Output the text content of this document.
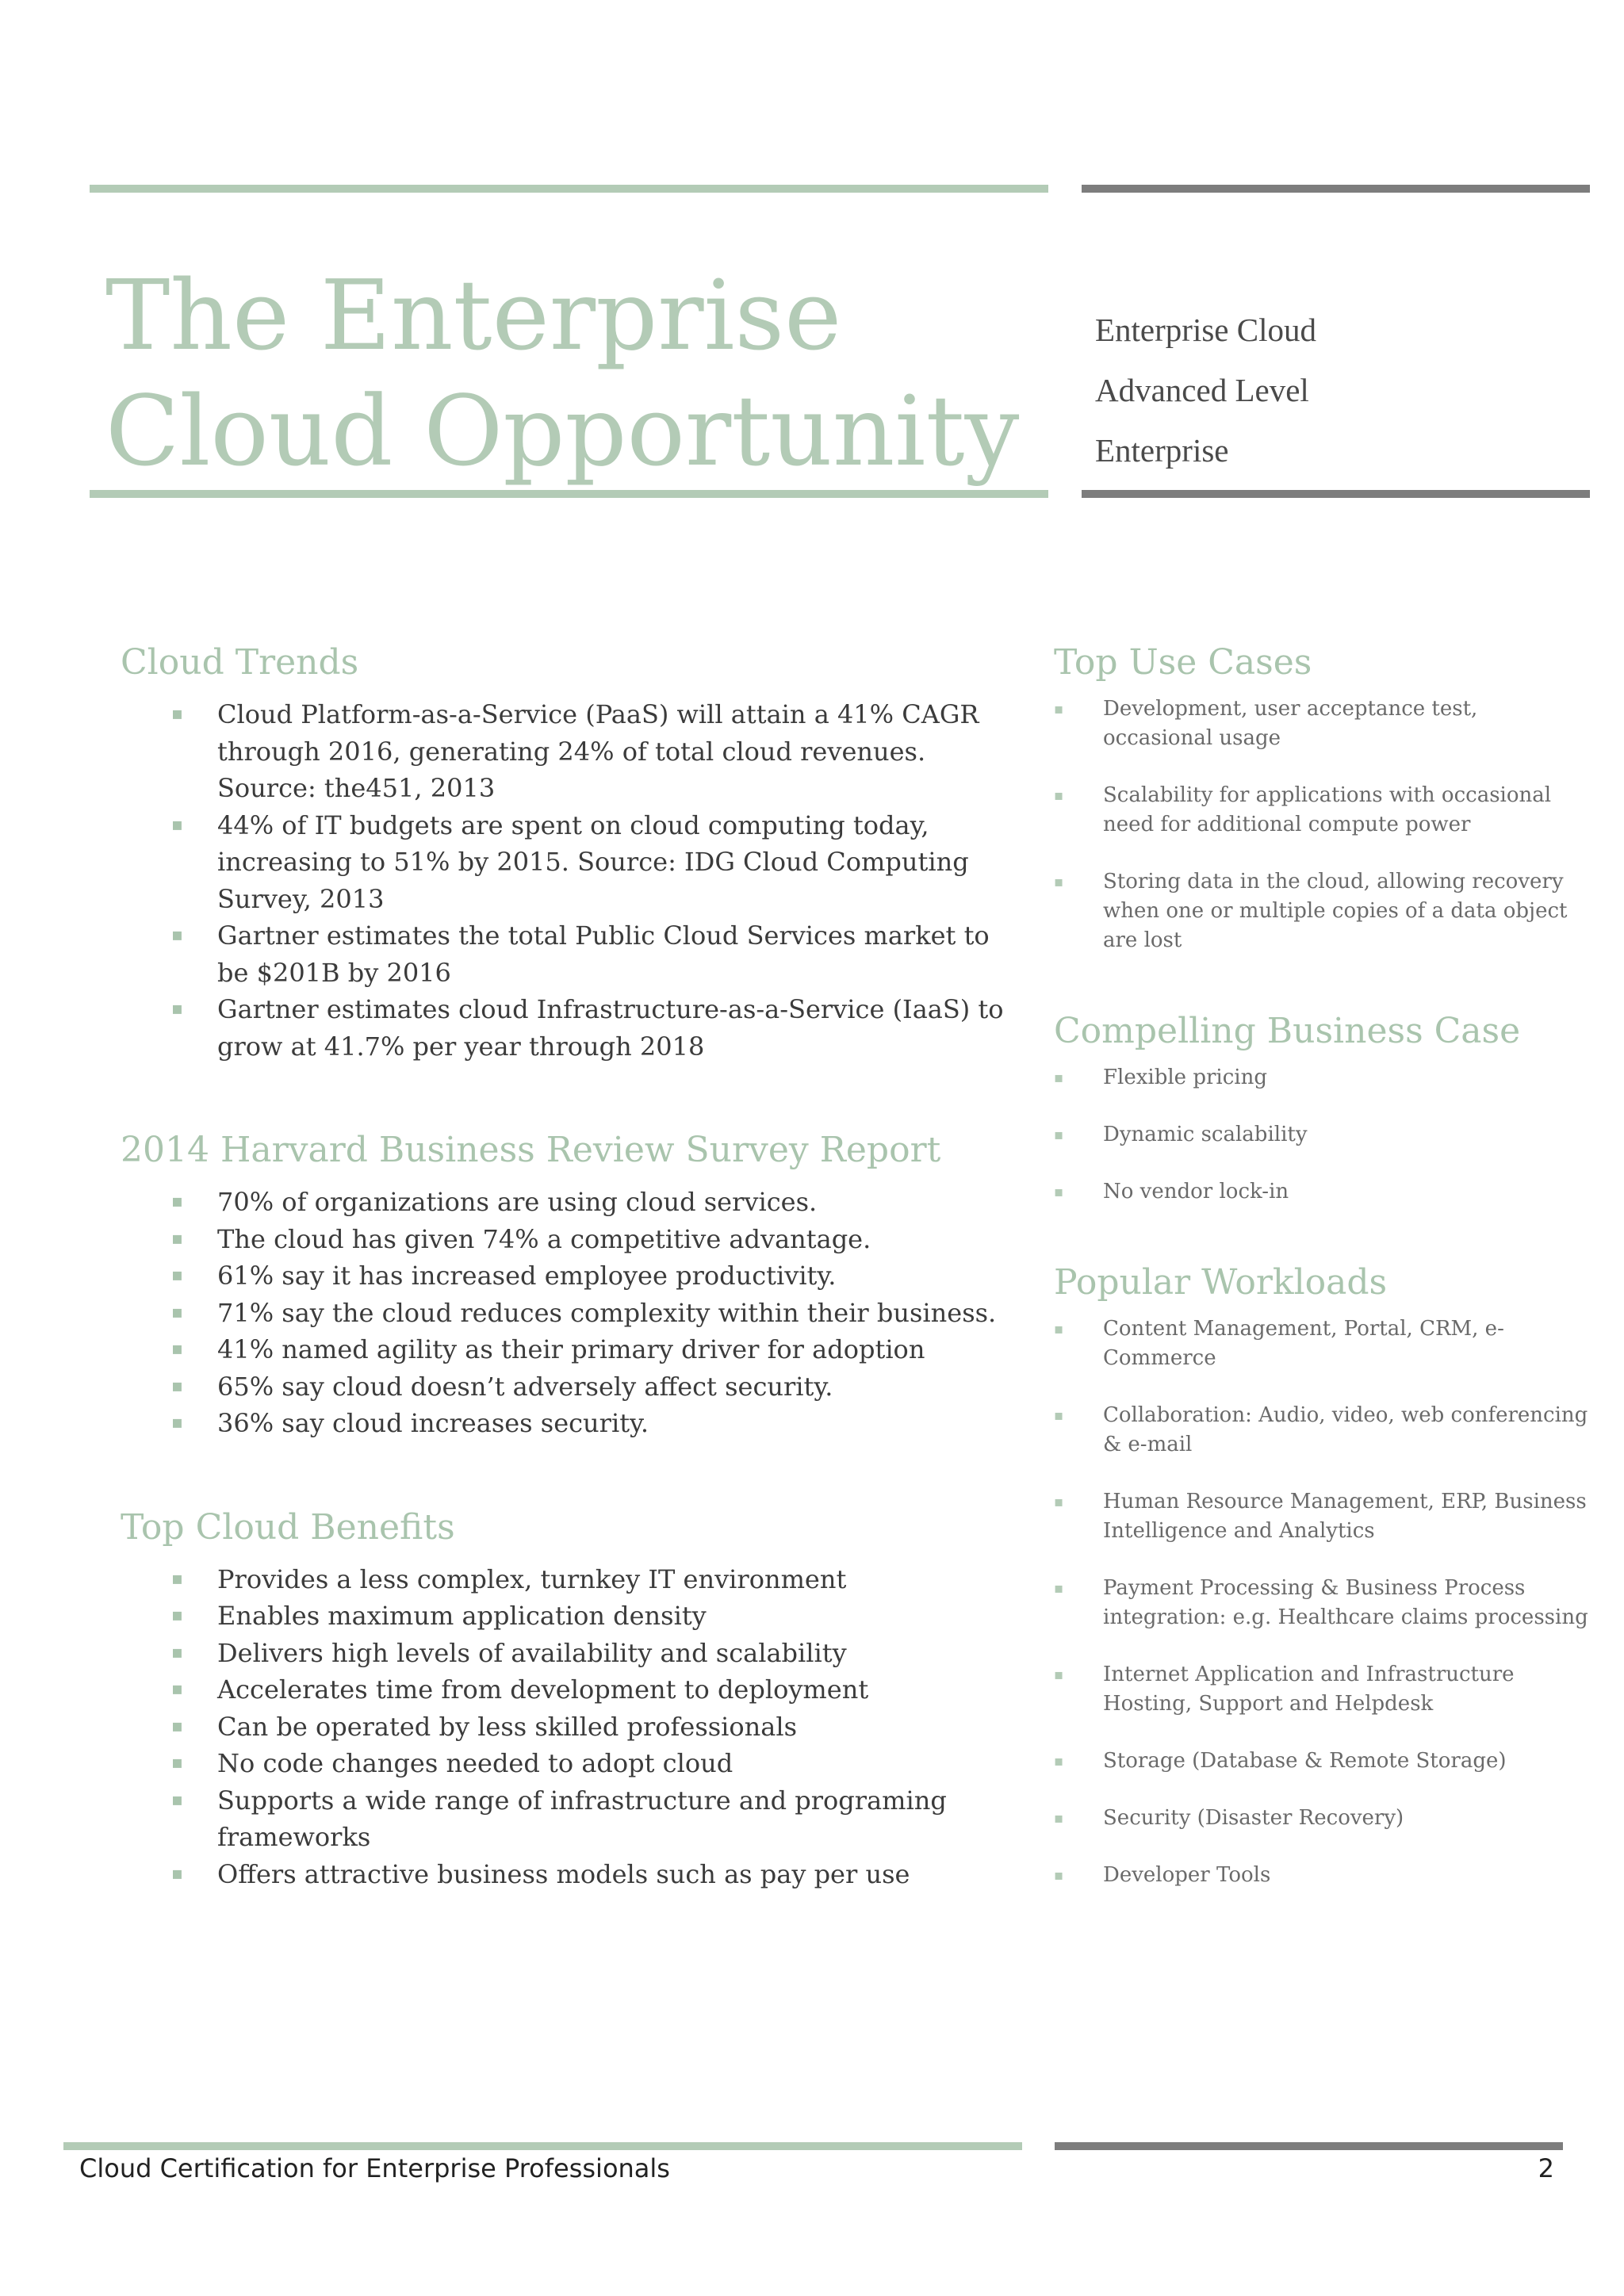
The Enterprise
Cloud Opportunity
Enterprise Cloud
Advanced Level
Enterprise
Cloud Trends
▪ Cloud Platform-as-a-Service (PaaS) will attain a 41% CAGR through 2016, generating 24% of total cloud revenues. Source: the451, 2013
▪ 44% of IT budgets are spent on cloud computing today, increasing to 51% by 2015. Source: IDG Cloud Computing Survey, 2013
▪ Gartner estimates the total Public Cloud Services market to be $201B by 2016
▪ Gartner estimates cloud Infrastructure-as-a-Service (IaaS) to grow at 41.7% per year through 2018
2014 Harvard Business Review Survey Report
▪ 70% of organizations are using cloud services.
▪ The cloud has given 74% a competitive advantage.
▪ 61% say it has increased employee productivity.
▪ 71% say the cloud reduces complexity within their business.
▪ 41% named agility as their primary driver for adoption
▪ 65% say cloud doesn’t adversely affect security.
▪ 36% say cloud increases security.
Top Cloud Benefits
▪ Provides a less complex, turnkey IT environment
▪ Enables maximum application density
▪ Delivers high levels of availability and scalability
▪ Accelerates time from development to deployment
▪ Can be operated by less skilled professionals
▪ No code changes needed to adopt cloud
▪ Supports a wide range of infrastructure and programing frameworks
▪ Offers attractive business models such as pay per use
Top Use Cases
▪ Development, user acceptance test, occasional usage
▪ Scalability for applications with occasional need for additional compute power
▪ Storing data in the cloud, allowing recovery when one or multiple copies of a data object are lost
Compelling Business Case
▪ Flexible pricing
▪ Dynamic scalability
▪ No vendor lock-in
Popular Workloads
▪ Content Management, Portal, CRM, e-Commerce
▪ Collaboration: Audio, video, web conferencing & e-mail
▪ Human Resource Management, ERP, Business Intelligence and Analytics
▪ Payment Processing & Business Process integration: e.g. Healthcare claims processing
▪ Internet Application and Infrastructure Hosting, Support and Helpdesk
▪ Storage (Database & Remote Storage)
▪ Security (Disaster Recovery)
▪ Developer Tools
Cloud Certification for Enterprise Professionals	2
